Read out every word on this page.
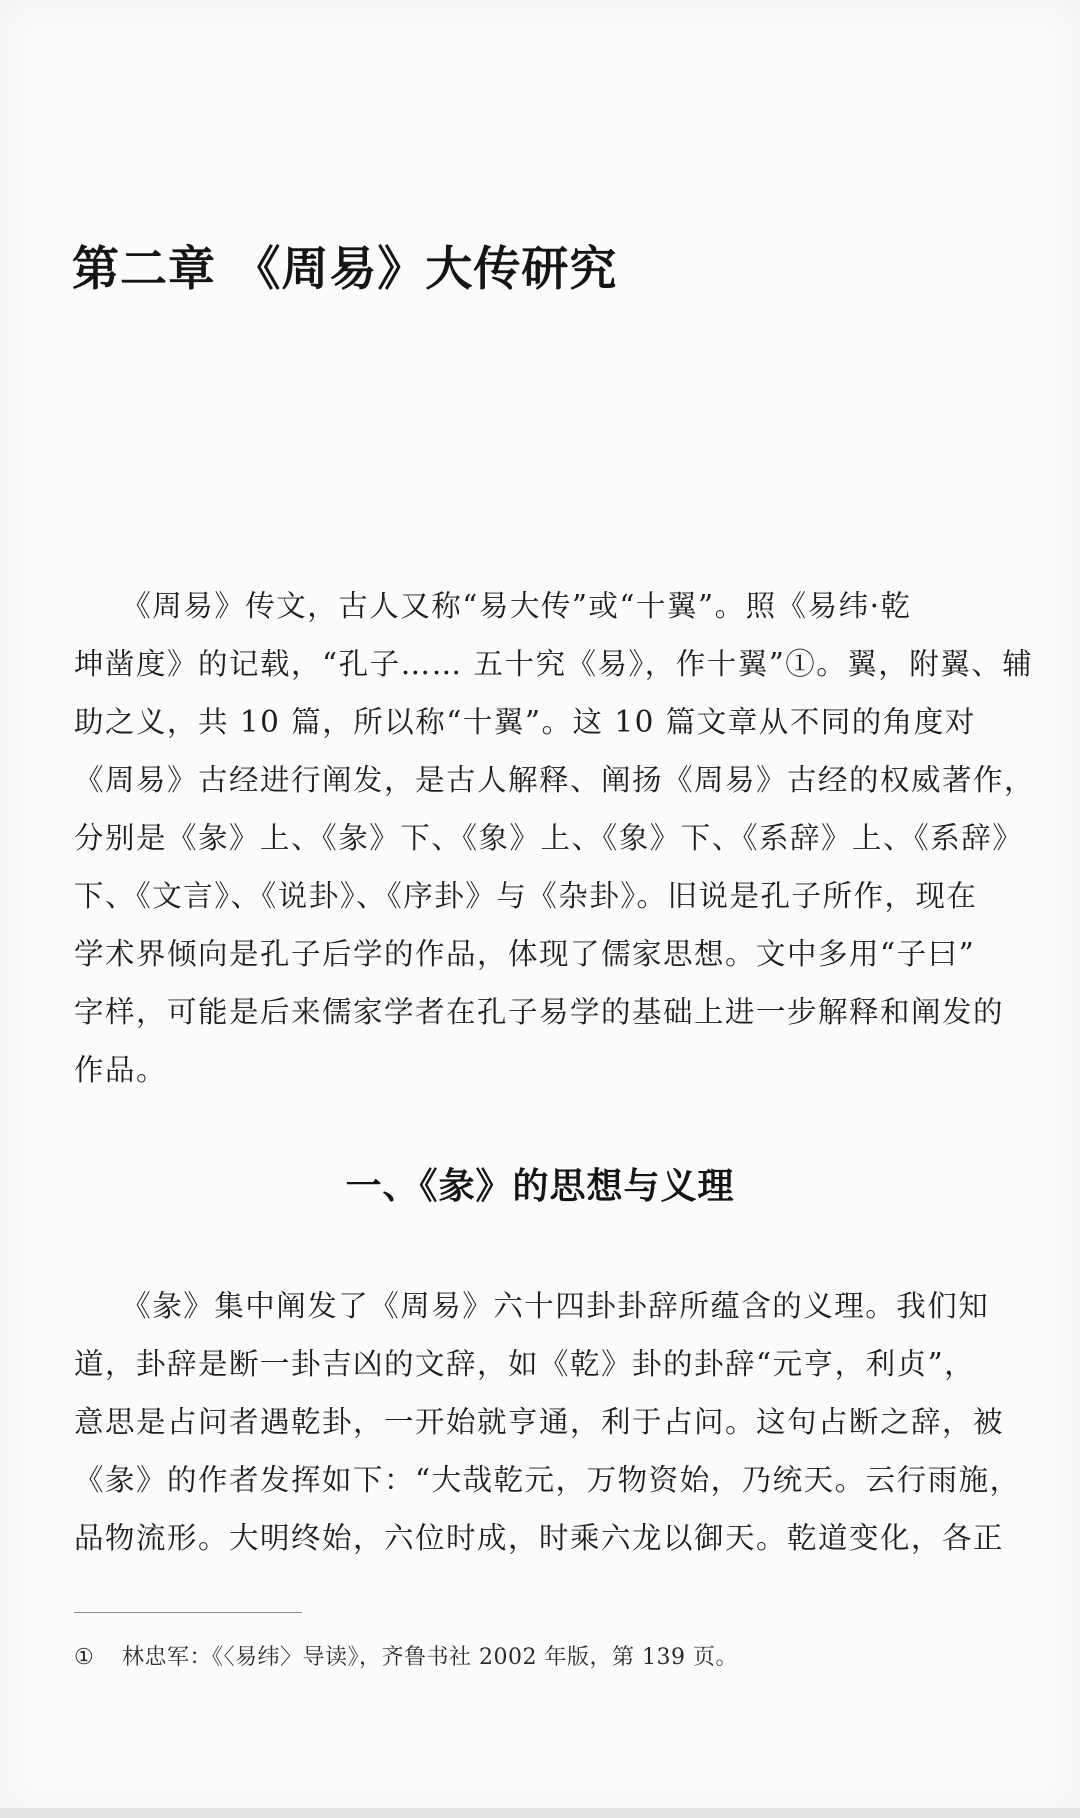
第二章 《周易》大传研究
　　《周易》传文，古人又称“易大传”或“十翼”。照《易纬·乾
坤凿度》的记载，“孔子…… 五十究《易》，作十翼”①。翼，附翼、辅
助之义，共 10 篇，所以称“十翼”。这 10 篇文章从不同的角度对
《周易》古经进行阐发，是古人解释、阐扬《周易》古经的权威著作，
分别是《彖》上、《彖》下、《象》上、《象》下、《系辞》上、《系辞》
下、《文言》、《说卦》、《序卦》与《杂卦》。旧说是孔子所作，现在
学术界倾向是孔子后学的作品，体现了儒家思想。文中多用“子曰”
字样，可能是后来儒家学者在孔子易学的基础上进一步解释和阐发的
作品。
一、《彖》的思想与义理
　　《彖》集中阐发了《周易》六十四卦卦辞所蕴含的义理。我们知
道，卦辞是断一卦吉凶的文辞，如《乾》卦的卦辞“元亨，利贞”，
意思是占问者遇乾卦，一开始就亨通，利于占问。这句占断之辞，被
《彖》的作者发挥如下：“大哉乾元，万物资始，乃统天。云行雨施，
品物流形。大明终始，六位时成，时乘六龙以御天。乾道变化，各正
① 林忠军：《〈易纬〉导读》，齐鲁书社 2002 年版，第 139 页。
